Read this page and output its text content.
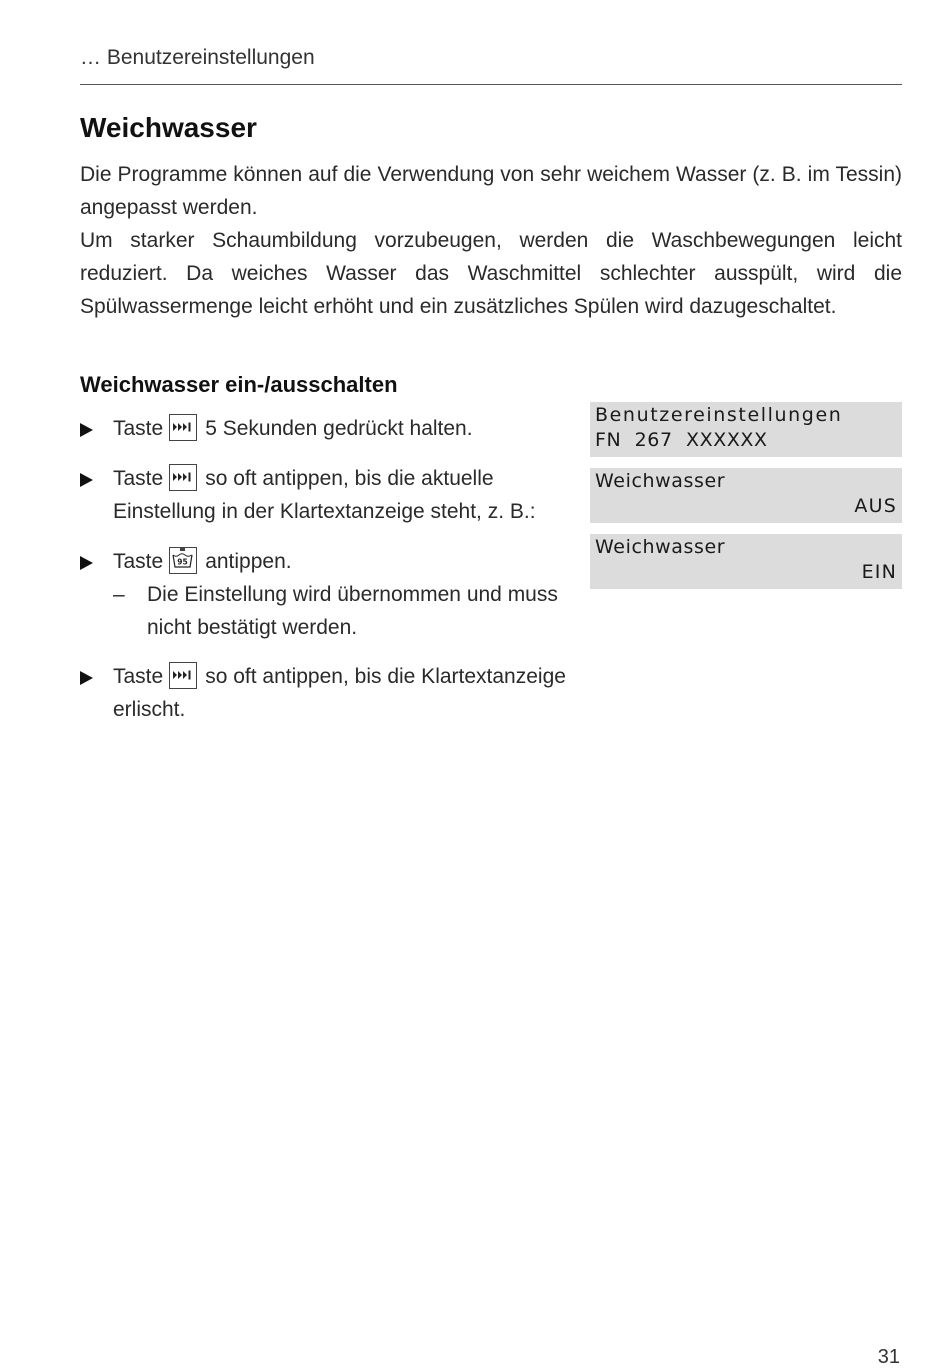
… Benutzereinstellungen
Weichwasser

Die Programme können auf die Verwendung von sehr weichem Wasser (z. B. im Tessin) angepasst werden.

Um starker Schaumbildung vorzubeugen, werden die Waschbewegungen leicht reduziert. Da weiches Wasser das Waschmittel schlechter ausspült, wird die Spülwassermenge leicht erhöht und ein zusätzliches Spülen wird dazugeschaltet.

Weichwasser ein-/ausschalten
Taste 5 Sekunden gedrückt halten.
Taste so oft antippen, bis die aktuelle Einstellung in der Klartextanzeige steht, z. B.:
Taste 95 antippen.
– Die Einstellung wird übernommen und muss nicht bestätigt werden.
Taste so oft antippen, bis die Klartextanzeige erlischt.
Benutzereinstellungen
FN  267  XXXXXX
Weichwasser
AUS
Weichwasser
EIN
31
